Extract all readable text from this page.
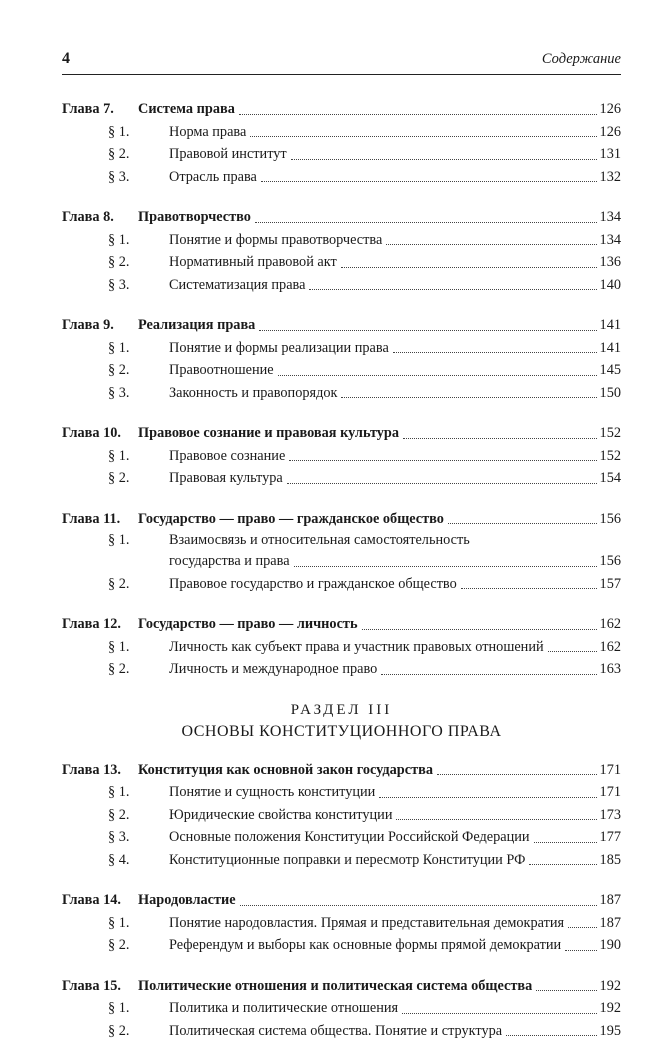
4	Содержание
Глава 7.	Система права	126
§ 1.	Норма права	126
§ 2.	Правовой институт	131
§ 3.	Отрасль права	132
Глава 8.	Правотворчество	134
§ 1.	Понятие и формы правотворчества	134
§ 2.	Нормативный правовой акт	136
§ 3.	Систематизация права	140
Глава 9.	Реализация права	141
§ 1.	Понятие и формы реализации права	141
§ 2.	Правоотношение	145
§ 3.	Законность и правопорядок	150
Глава 10.	Правовое сознание и правовая культура	152
§ 1.	Правовое сознание	152
§ 2.	Правовая культура	154
Глава 11.	Государство — право — гражданское общество	156
§ 1.	Взаимосвязь и относительная самостоятельность
государства и права	156
§ 2.	Правовое государство и гражданское общество	157
Глава 12.	Государство — право — личность	162
§ 1.	Личность как субъект права и участник правовых отношений	162
§ 2.	Личность и международное право	163
РАЗДЕЛ III
ОСНОВЫ КОНСТИТУЦИОННОГО ПРАВА
Глава 13.	Конституция как основной закон государства	171
§ 1.	Понятие и сущность конституции	171
§ 2.	Юридические свойства конституции	173
§ 3.	Основные положения Конституции Российской Федерации	177
§ 4.	Конституционные поправки и пересмотр Конституции РФ	185
Глава 14.	Народовластие	187
§ 1.	Понятие народовластия. Прямая и представительная демократия 187
§ 2.	Референдум и выборы как основные формы прямой демократии	190
Глава 15.	Политические отношения и политическая система общества	192
§ 1.	Политика и политические отношения	192
§ 2.	Политическая система общества. Понятие и структура	195
